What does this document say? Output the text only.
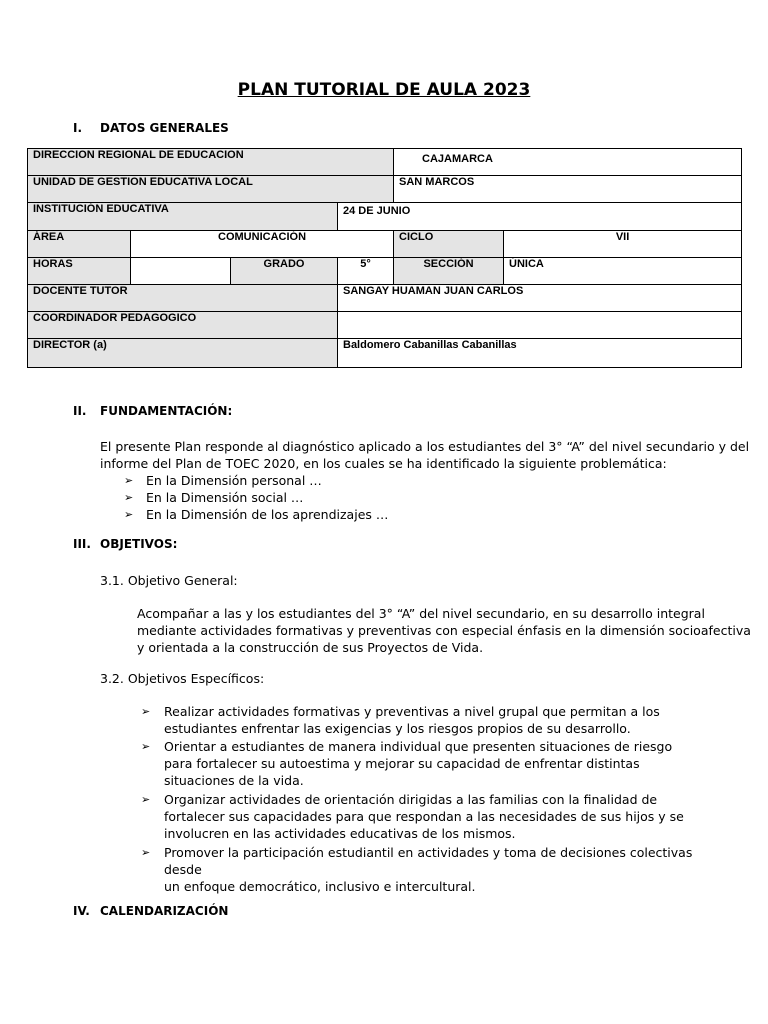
PLAN TUTORIAL DE AULA 2023
I. DATOS GENERALES
DIRECCION REGIONAL DE EDUCACION				CAJAMARCA	
UNIDAD DE GESTION EDUCATIVA LOCAL				SAN MARCOS	
INSTITUCIÓN EDUCATIVA			24 DE JUNIO		
ÁREA	COMUNICACIÓN			CICLO	VII
HORAS		GRADO	5°	SECCIÓN	ÚNICA
DOCENTE TUTOR			SANGAY HUAMAN JUAN CARLOS		
COORDINADOR PEDAGOGICO					
DIRECTOR (a)			Baldomero Cabanillas Cabanillas		
II. FUNDAMENTACIÓN:
El presente Plan responde al diagnóstico aplicado a los estudiantes del 3° “A” del nivel secundario y del
informe del Plan de TOEC 2020, en los cuales se ha identificado la siguiente problemática:
➢ En la Dimensión personal …
➢ En la Dimensión social …
➢ En la Dimensión de los aprendizajes …
III. OBJETIVOS:
3.1. Objetivo General:
Acompañar a las y los estudiantes del 3° “A” del nivel secundario, en su desarrollo integral
mediante actividades formativas y preventivas con especial énfasis en la dimensión socioafectiva
y orientada a la construcción de sus Proyectos de Vida.
3.2. Objetivos Específicos:
➢ Realizar actividades formativas y preventivas a nivel grupal que permitan a los
estudiantes enfrentar las exigencias y los riesgos propios de su desarrollo.
➢ Orientar a estudiantes de manera individual que presenten situaciones de riesgo
para fortalecer su autoestima y mejorar su capacidad de enfrentar distintas
situaciones de la vida.
➢ Organizar actividades de orientación dirigidas a las familias con la finalidad de
fortalecer sus capacidades para que respondan a las necesidades de sus hijos y se
involucren en las actividades educativas de los mismos.
➢ Promover la participación estudiantil en actividades y toma de decisiones colectivas desde
un enfoque democrático, inclusivo e intercultural.
IV. CALENDARIZACIÓN
